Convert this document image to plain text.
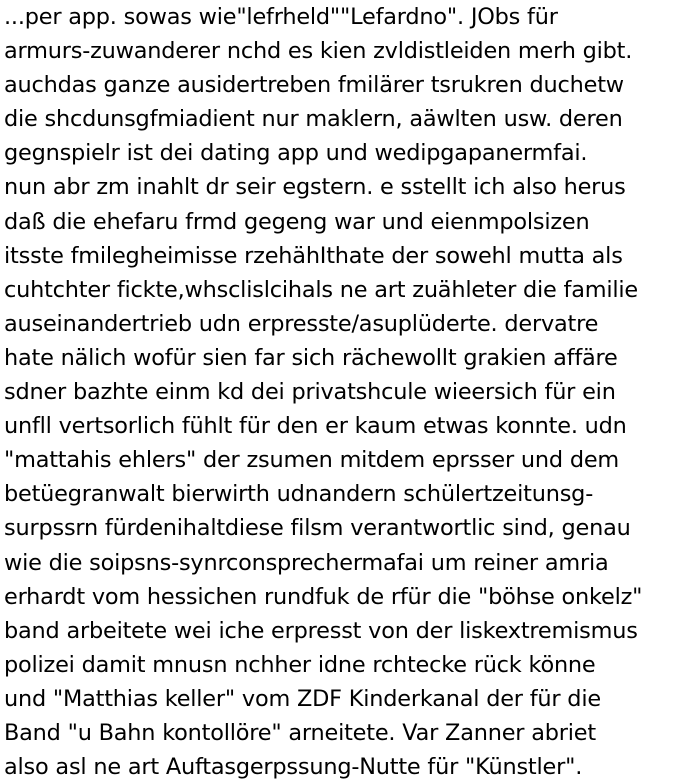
...per app. sowas wie"lefrheld""Lefardno". JObs für
armurs-zuwanderer nchd es kien zvldistleiden merh gibt.
auchdas ganze ausidertreben fmilärer tsrukren duchetw
die shcdunsgfmiadient nur maklern, aäwlten usw. deren
gegnspielr ist dei dating app und wedipgapanermfai.
nun abr zm inahlt dr seir egstern. e sstellt ich also herus
daß die ehefaru frmd gegeng war und eienmpolsizen
itsste fmilegheimisse rzehähIthate der sowehl mutta als
cuhtchter fickte,whsclislcihals ne art zuähleter die familie
auseinandertrieb udn erpresste/asuplüderte. dervatre
hate nälich wofür sien far sich rächewollt grakien affäre
sdner bazhte einm kd dei privatshcule wieersich für ein
unfll vertsorlich fühlt für den er kaum etwas konnte. udn
"mattahis ehlers" der zsumen mitdem eprsser und dem
betüegranwalt bierwirth udnandern schülertzeitunsg-
surpssrn fürdenihaltdiese filsm verantwortlic sind, genau
wie die soipsns-synrconsprechermafai um reiner amria
erhardt vom hessichen rundfuk de rfür die "böhse onkelz"
band arbeitete wei iche erpresst von der liskextremismus
polizei damit mnusn nchher idne rchtecke rück könne
und "Matthias keller" vom ZDF Kinderkanal der für die
Band "u Bahn kontollöre" arneitete. Var Zanner abriet
also asl ne art Auftasgerpssung-Nutte für "Künstler".
